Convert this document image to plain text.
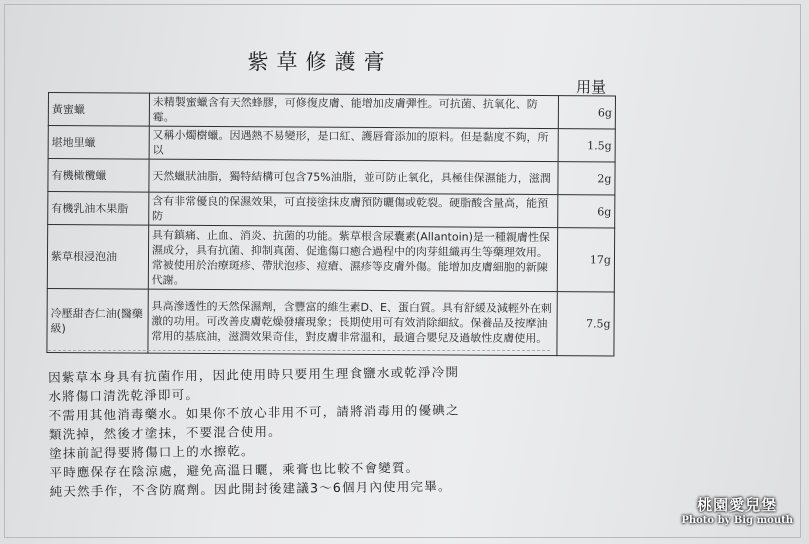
紫草修護膏
用量
黃蜜蠟	未精製蜜蠟含有天然蜂膠，可修復皮膚、能增加皮膚彈性。可抗菌、抗氧化、防霉。	6g
堪地里蠟	又稱小燭樹蠟。因遇熱不易變形，是口紅、護唇膏添加的原料。但是黏度不夠，所以	1.5g
有機橄欖蠟	天然蠟狀油脂，獨特結構可包含75%油脂，並可防止氧化，具極佳保濕能力，滋潤	2g
有機乳油木果脂	含有非常優良的保濕效果，可直接塗抹皮膚預防曬傷或乾裂。硬脂酸含量高，能預防	6g
紫草根浸泡油	具有鎮痛、止血、消炎、抗菌的功能。紫草根含尿囊素(Allantoin)是一種親膚性保濕成分，具有抗菌、抑制真菌、促進傷口癒合過程中的肉芽組織再生等藥理效用。常被使用於治療斑疹、帶狀泡疹、痘瘡、濕疹等皮膚外傷。能增加皮膚細胞的新陳代謝。	17g
冷壓甜杏仁油(醫藥級)	具高滲透性的天然保濕劑，含豐富的維生素D、E、蛋白質。具有舒緩及減輕外在刺激的功用。可改善皮膚乾燥發癢現象；長期使用可有效消除細紋。保養品及按摩油常用的基底油，滋潤效果奇佳，對皮膚非常溫和，最適合嬰兒及過敏性皮膚使用。	7.5g
因紫草本身具有抗菌作用，因此使用時只要用生理食鹽水或乾淨冷開
水將傷口清洗乾淨即可。
不需用其他消毒藥水。如果你不放心非用不可，請將消毒用的優碘之
類洗掉，然後才塗抹，不要混合使用。
塗抹前記得要將傷口上的水擦乾。
平時應保存在陰涼處，避免高溫日曬，乘膏也比較不會變質。
純天然手作，不含防腐劑。因此開封後建議3～6個月內使用完畢。
桃園愛兒堡
Photo by Big mouth
